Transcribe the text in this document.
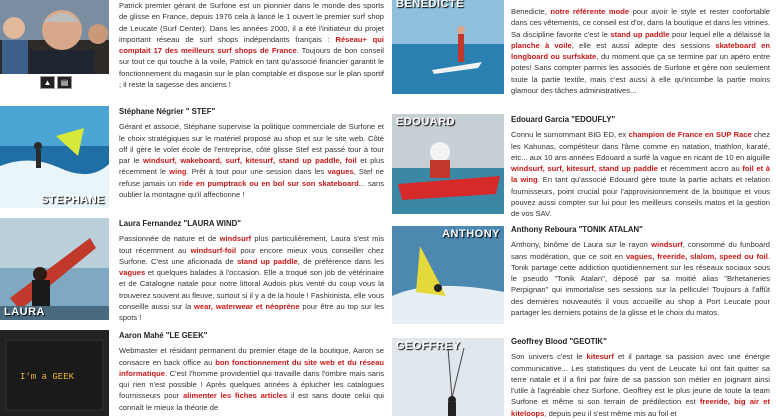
▲	▤
Patrick premier gérant de Surfone est un pionnier dans le monde des sports de glisse en France, depuis 1976 cela à lancé le 1 ouvert le premier surf shop de Leucate (Surf Center). Dans les années 2000, il a été l'initiateur du projet important réseau de surf shops indépendants français : Réseau+ qui comptait 17 des meilleurs surf shops de France. Toujours de bon conseil sur tout ce qui touche à la voile, Patrick en tant qu'associé financier garantit le fonctionnement du magasin sur le plan comptable et dispose sur le plan sportif ; il reste la sagesse des anciens !
STEPHANE
Stéphane Négrier " STEF"
Gérant et associé, Stéphane supervise la politique commerciale de Surfone et le choix stratégiques sur le matériel proposé au shop et sur le site web. Côté off il gère le volet école de l'entreprise, côté glisse Stef est passé tour à tour par le windsurf, wakeboard, surf, kitesurf, stand up paddle, foil et plus récemment le wing. Prêt à tout pour une session dans les vagues, Stef ne refuse jamais un ride en pumptrack ou en bol sur son skateboard... sans oublier la montagne qu'il affectionne !
LAURA
Laura Fernandez "LAURA WIND"
Passionnée de nature et de windsurf plus particulièrement, Laura s'est mis tout récemment au windsurf-foil pour encore mieux vous conseiller chez Surfone. C'est une aficionada de stand up paddle, de préférence dans les vagues et quelques balades à l'occasion. Elle a troqué son job de vétérinaire et de Catalogne natale pour notre littoral Audois plus venté du coup vous la trouverez souvent au fleuve, surtout si il y a de la houle ! Fashionista, elle vous conseille aussi sur la wear, waterwear et néoprène pour être au top sur les spots !
I'm a GEEK
Aaron Mahé "LE GEEK"
Webmaster et résidant permanent du premier étage de la boutique, Aaron se consacre en back office au bon fonctionnement du site web et du réseau informatique. C'est l'homme providentiel qui travaille dans l'ombre mais sans qui rien n'est possible ! Après quelques années à éplucher les catalogues fournisseurs pour alimenter les fiches articles il est sans doute celui qui connaît le mieux la théorie de
BENEDICTE
Benedicte, notre référente mode pour avoir le style et rester confortable dans ces vêtements, ce conseil est d'or, dans la boutique et dans les vitrines. Sa discipline favorite c'est le stand up paddle pour lequel elle a délaissé la planche à voile, elle est aussi adepte des sessions skateboard en longboard ou surfskate, du moment que ça se termine par un apéro entre potes! Sans compter parmis les associés de Surfone et gère non seulement toute la partie textile, mais c'est aussi à elle qu'incombe la partie moins glamour des tâches administratives...
EDOUARD	Edouard Garcia "EDOUFLY"
Connu le surnommant BIG ED, ex champion de France en SUP Race chez les Kahunas, compétiteur dans l'âme comme en natation, triathlon, karaté, etc... aux 10 ans années Edouard a surfé la vague en ricant de 10 en aiguille windsurf, surf, kitesurf, stand up paddle et récemment accro au foil et à la wing. En tant qu'associé Edouard gère toute la partie achats et relation fournisseurs, point crucial pour l'approvisionnement de la boutique et vous pouvez aussi compter sur lui pour les meilleurs conseils matos et la gestion de vos SAV.
ANTHONY Anthony Reboura "TONIK ATALAN"
Anthony, binôme de Laura sur le rayon windsurf, consommé du funboard sans modération, que ce soit en vagues, freeride, slalom, speed ou foil. Tonik partage cette addiction quotidiennement sur les réseaux sociaux sous le pseudo "Tonik Atalan", déposé par sa moitié alias "Brhetaneries Perpignan" qui immortalise ses sessions sur la pellicule! Toujours à l'affût des dernières nouveautés il vous accueille au shop à Port Leucate pour partager les derniers potains de la glisse et le choix du matos.
GEOFFREY	Geoffrey Blood "GEOTIK"
Son univers c'est le kitesurf et il partage sa passion avec une énergie communicative... Les statistiques du vent de Leucate lui ont fait quitter sa terre natale et il a fini par faire de sa passion son métier en joignant ainsi l'utile à l'agréable chez Surfone. Geoffrey est le plus jeune de toute la team Surfone et même si son terrain de prédilection est freeride, big air et kiteloops, depuis peu il s'est même mis au foil et
